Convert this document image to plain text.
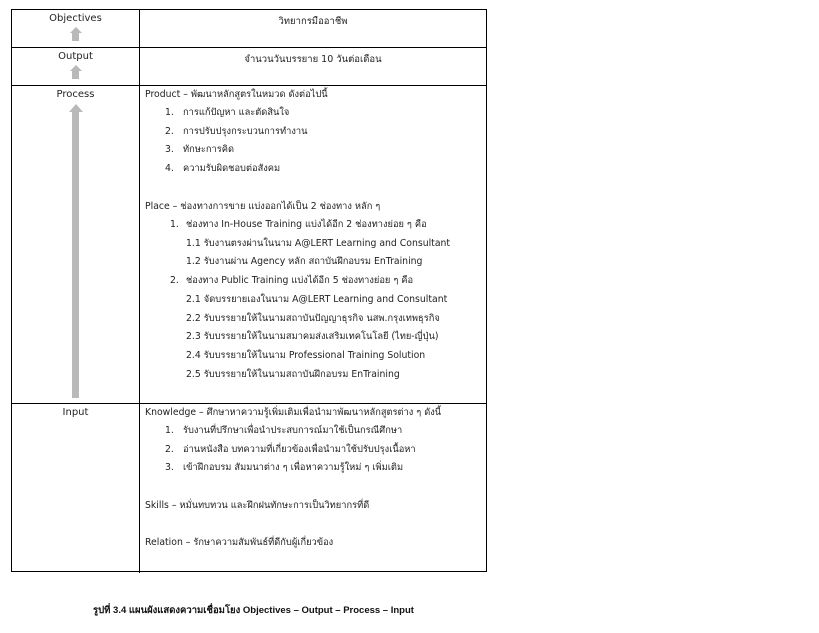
Objectives	วิทยากรมืออาชีพ
Output	จำนวนวันบรรยาย 10 วันต่อเดือน
Process	Product – พัฒนาหลักสูตรในหมวด ดังต่อไปนี้
1. การแก้ปัญหา และตัดสินใจ
2. การปรับปรุงกระบวนการทำงาน
3. ทักษะการคิด
4. ความรับผิดชอบต่อสังคม
Place – ช่องทางการขาย แบ่งออกได้เป็น 2 ช่องทาง หลัก ๆ
1. ช่องทาง In-House Training แบ่งได้อีก 2 ช่องทางย่อย ๆ คือ
1.1 รับงานตรงผ่านในนาม A@LERT Learning and Consultant
1.2 รับงานผ่าน Agency หลัก สถาบันฝึกอบรม EnTraining
2. ช่องทาง Public Training แบ่งได้อีก 5 ช่องทางย่อย ๆ คือ
2.1 จัดบรรยายเองในนาม A@LERT Learning and Consultant
2.2 รับบรรยายให้ในนามสถาบันปัญญาธุรกิจ นสพ.กรุงเทพธุรกิจ
2.3 รับบรรยายให้ในนามสมาคมส่งเสริมเทคโนโลยี (ไทย-ญี่ปุ่น)
2.4 รับบรรยายให้ในนาม Professional Training Solution
2.5 รับบรรยายให้ในนามสถาบันฝึกอบรม EnTraining
Input	Knowledge – ศึกษาหาความรู้เพิ่มเติมเพื่อนำมาพัฒนาหลักสูตรต่าง ๆ ดังนี้
1. รับงานที่ปรึกษาเพื่อนำประสบการณ์มาใช้เป็นกรณีศึกษา
2. อ่านหนังสือ บทความที่เกี่ยวข้องเพื่อนำมาใช้ปรับปรุงเนื้อหา
3. เข้าฝึกอบรม สัมมนาต่าง ๆ เพื่อหาความรู้ใหม่ ๆ เพิ่มเติม
Skills – หมั่นทบทวน และฝึกฝนทักษะการเป็นวิทยากรที่ดี
Relation – รักษาความสัมพันธ์ที่ดีกับผู้เกี่ยวข้อง
รูปที่ 3.4 แผนผังแสดงความเชื่อมโยง Objectives – Output – Process – Input
